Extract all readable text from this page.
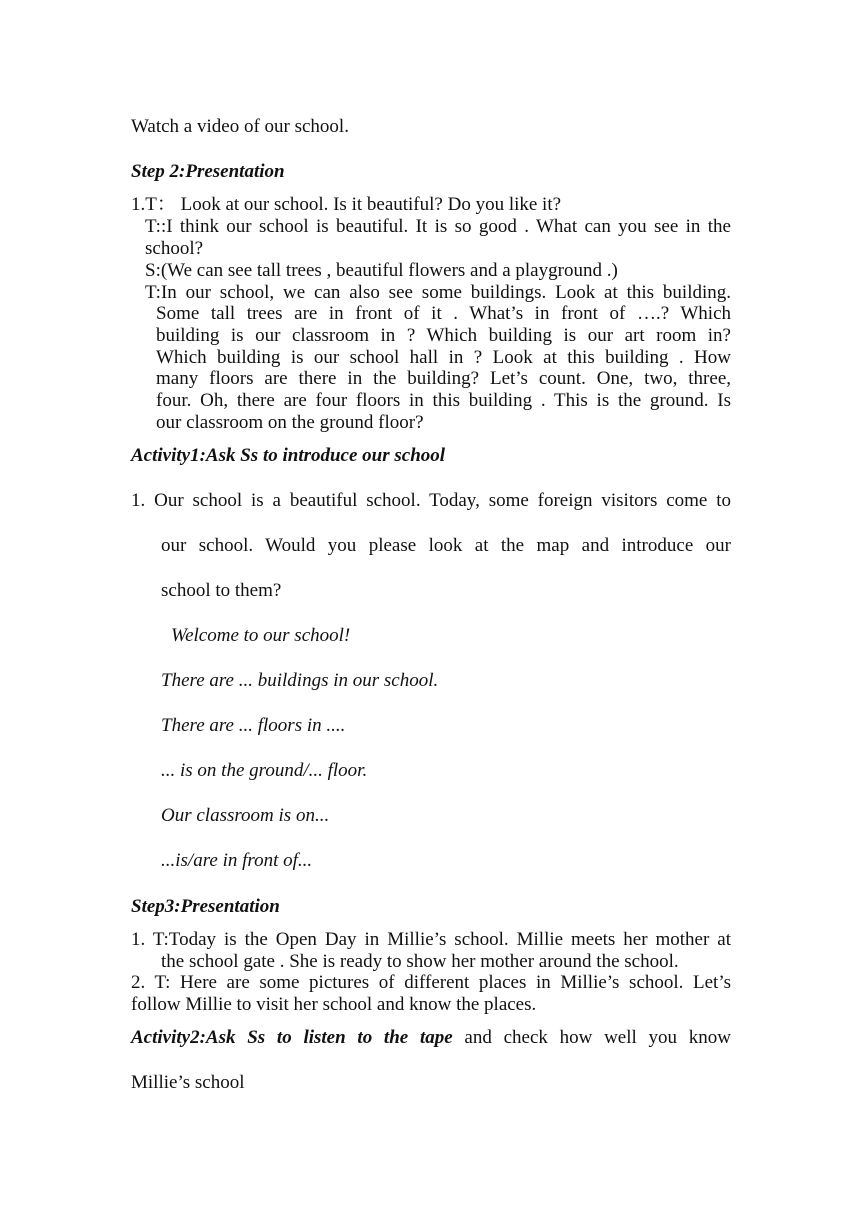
Watch a video of our school.
Step 2:Presentation
1.T： Look at our school. Is it beautiful? Do you like it?
T::I think our school is beautiful. It is so good . What can you see in the
school?
S:(We can see tall trees , beautiful flowers and a playground .)
T:In our school, we can also see some buildings. Look at this building.
Some tall trees are in front of it . What’s in front of ….? Which
building is our classroom in ? Which building is our art room in?
Which building is our school hall in ? Look at this building . How
many floors are there in the building? Let’s count. One, two, three,
four. Oh, there are four floors in this building . This is the ground. Is
our classroom on the ground floor?
Activity1:Ask Ss to introduce our school
1. Our school is a beautiful school. Today, some foreign visitors come to
our school. Would you please look at the map and introduce our
school to them?
Welcome to our school!
There are ... buildings in our school.
There are ... floors in ....
... is on the ground/... floor.
Our classroom is on...
...is/are in front of...
Step3:Presentation
1. T:Today is the Open Day in Millie’s school. Millie meets her mother at
the school gate . She is ready to show her mother around the school.
2. T: Here are some pictures of different places in Millie’s school. Let’s
follow Millie to visit her school and know the places.
Activity2:Ask Ss to listen to the tape and check how well you know
Millie’s school
